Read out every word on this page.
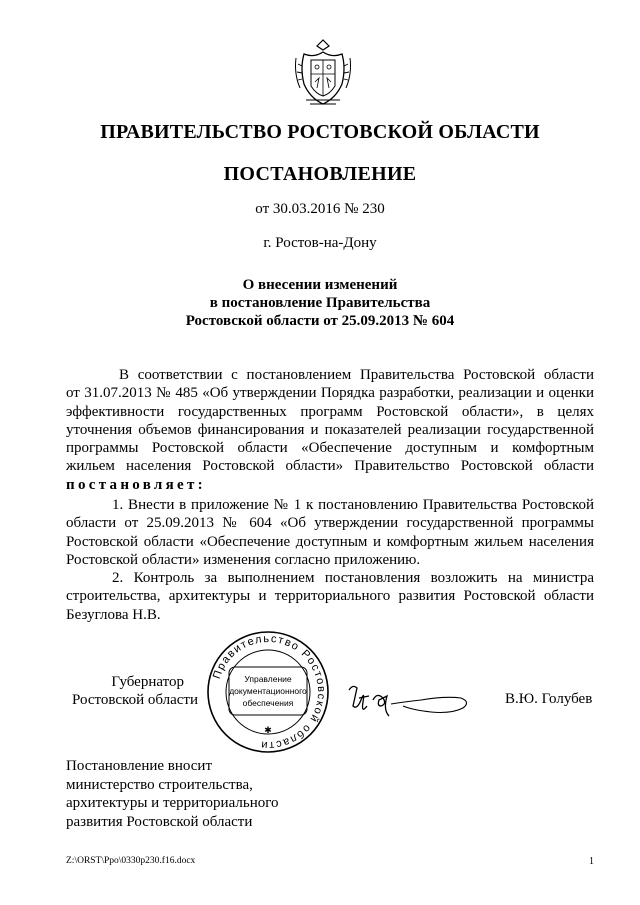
ПРАВИТЕЛЬСТВО РОСТОВСКОЙ ОБЛАСТИ
ПОСТАНОВЛЕНИЕ
от 30.03.2016 № 230
г. Ростов-на-Дону
О внесении изменений
в постановление Правительства
Ростовской области от 25.09.2013 № 604
В соответствии с постановлением Правительства Ростовской области
от 31.07.2013 № 485 «Об утверждении Порядка разработки, реализации и оценки
эффективности государственных программ Ростовской области», в целях
уточнения объемов финансирования и показателей реализации государственной
программы Ростовской области «Обеспечение доступным и комфортным
жильем населения Ростовской области» Правительство Ростовской области
постановляет:
1. Внести в приложение № 1 к постановлению Правительства Ростовской области от 25.09.2013 № 604 «Об утверждении государственной программы Ростовской области «Обеспечение доступным и комфортным жильем населения Ростовской области» изменения согласно приложению.
2. Контроль за выполнением постановления возложить на министра строительства, архитектуры и территориального развития Ростовской области Безуглова Н.В.
Губернатор
Ростовской области
Правительство Ростовской области
Управление
документационного
обеспечения
✱
В.Ю. Голубев
Постановление вносит
министерство строительства,
архитектуры и территориального
развития Ростовской области
Z:\ORST\Ppo\0330p230.f16.docx	1
